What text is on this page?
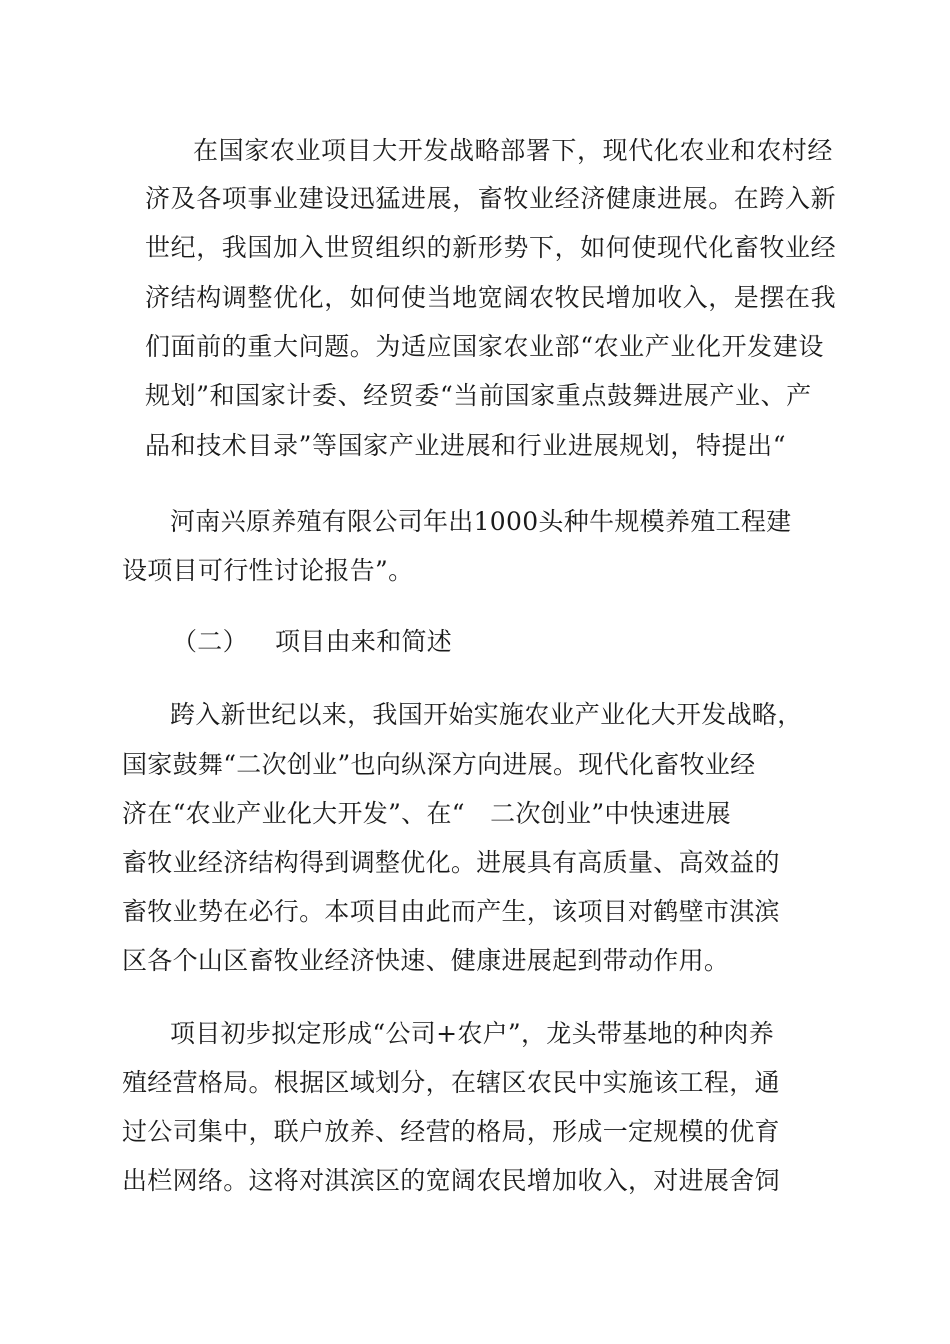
在国家农业项目大开发战略部署下，现代化农业和农村经

济及各项事业建设迅猛进展，畜牧业经济健康进展。在跨入新

世纪，我国加入世贸组织的新形势下，如何使现代化畜牧业经

济结构调整优化，如何使当地宽阔农牧民增加收入，是摆在我

们面前的重大问题。为适应国家农业部“农业产业化开发建设

规划”和国家计委、经贸委“当前国家重点鼓舞进展产业、产

品和技术目录”等国家产业进展和行业进展规划，特提出“

河南兴原养殖有限公司年出1000头种牛规模养殖工程建

设项目可行性讨论报告”。

（二） 项目由来和简述

跨入新世纪以来，我国开始实施农业产业化大开发战略，

国家鼓舞“二次创业”也向纵深方向进展。现代化畜牧业经

济在“农业产业化大开发”、在“　二次创业”中快速进展

畜牧业经济结构得到调整优化。进展具有高质量、高效益的

畜牧业势在必行。本项目由此而产生，该项目对鹤壁市淇滨

区各个山区畜牧业经济快速、健康进展起到带动作用。

项目初步拟定形成“公司+农户”，龙头带基地的种肉养

殖经营格局。根据区域划分，在辖区农民中实施该工程，通

过公司集中，联户放养、经营的格局，形成一定规模的优育

出栏网络。这将对淇滨区的宽阔农民增加收入，对进展舍饲
